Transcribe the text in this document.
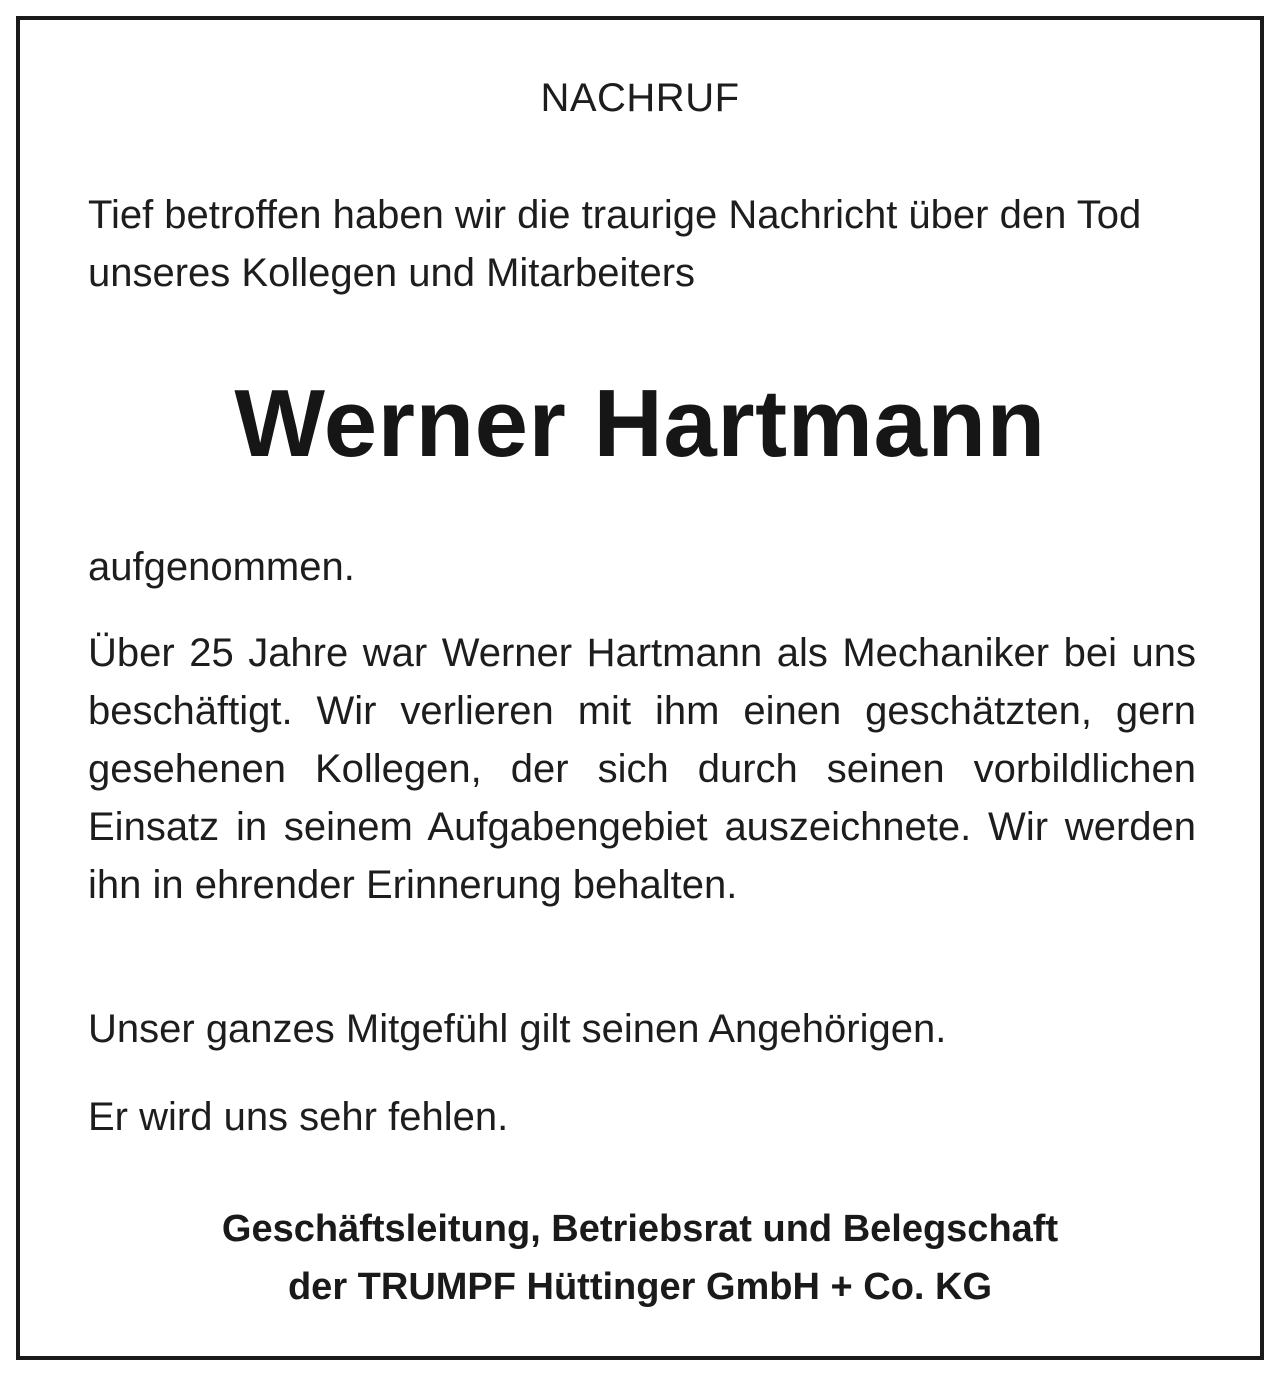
NACHRUF

Tief betroffen haben wir die traurige Nachricht über den Tod unseres Kollegen und Mitarbeiters

Werner Hartmann

aufgenommen.

Über 25 Jahre war Werner Hartmann als Mechaniker bei uns beschäftigt. Wir verlieren mit ihm einen geschätzten, gern gesehenen Kollegen, der sich durch seinen vorbildlichen Einsatz in seinem Aufgabengebiet auszeichnete. Wir werden ihn in ehrender Erinnerung behalten.

Unser ganzes Mitgefühl gilt seinen Angehörigen.

Er wird uns sehr fehlen.

Geschäftsleitung, Betriebsrat und Belegschaft
der TRUMPF Hüttinger GmbH + Co. KG
